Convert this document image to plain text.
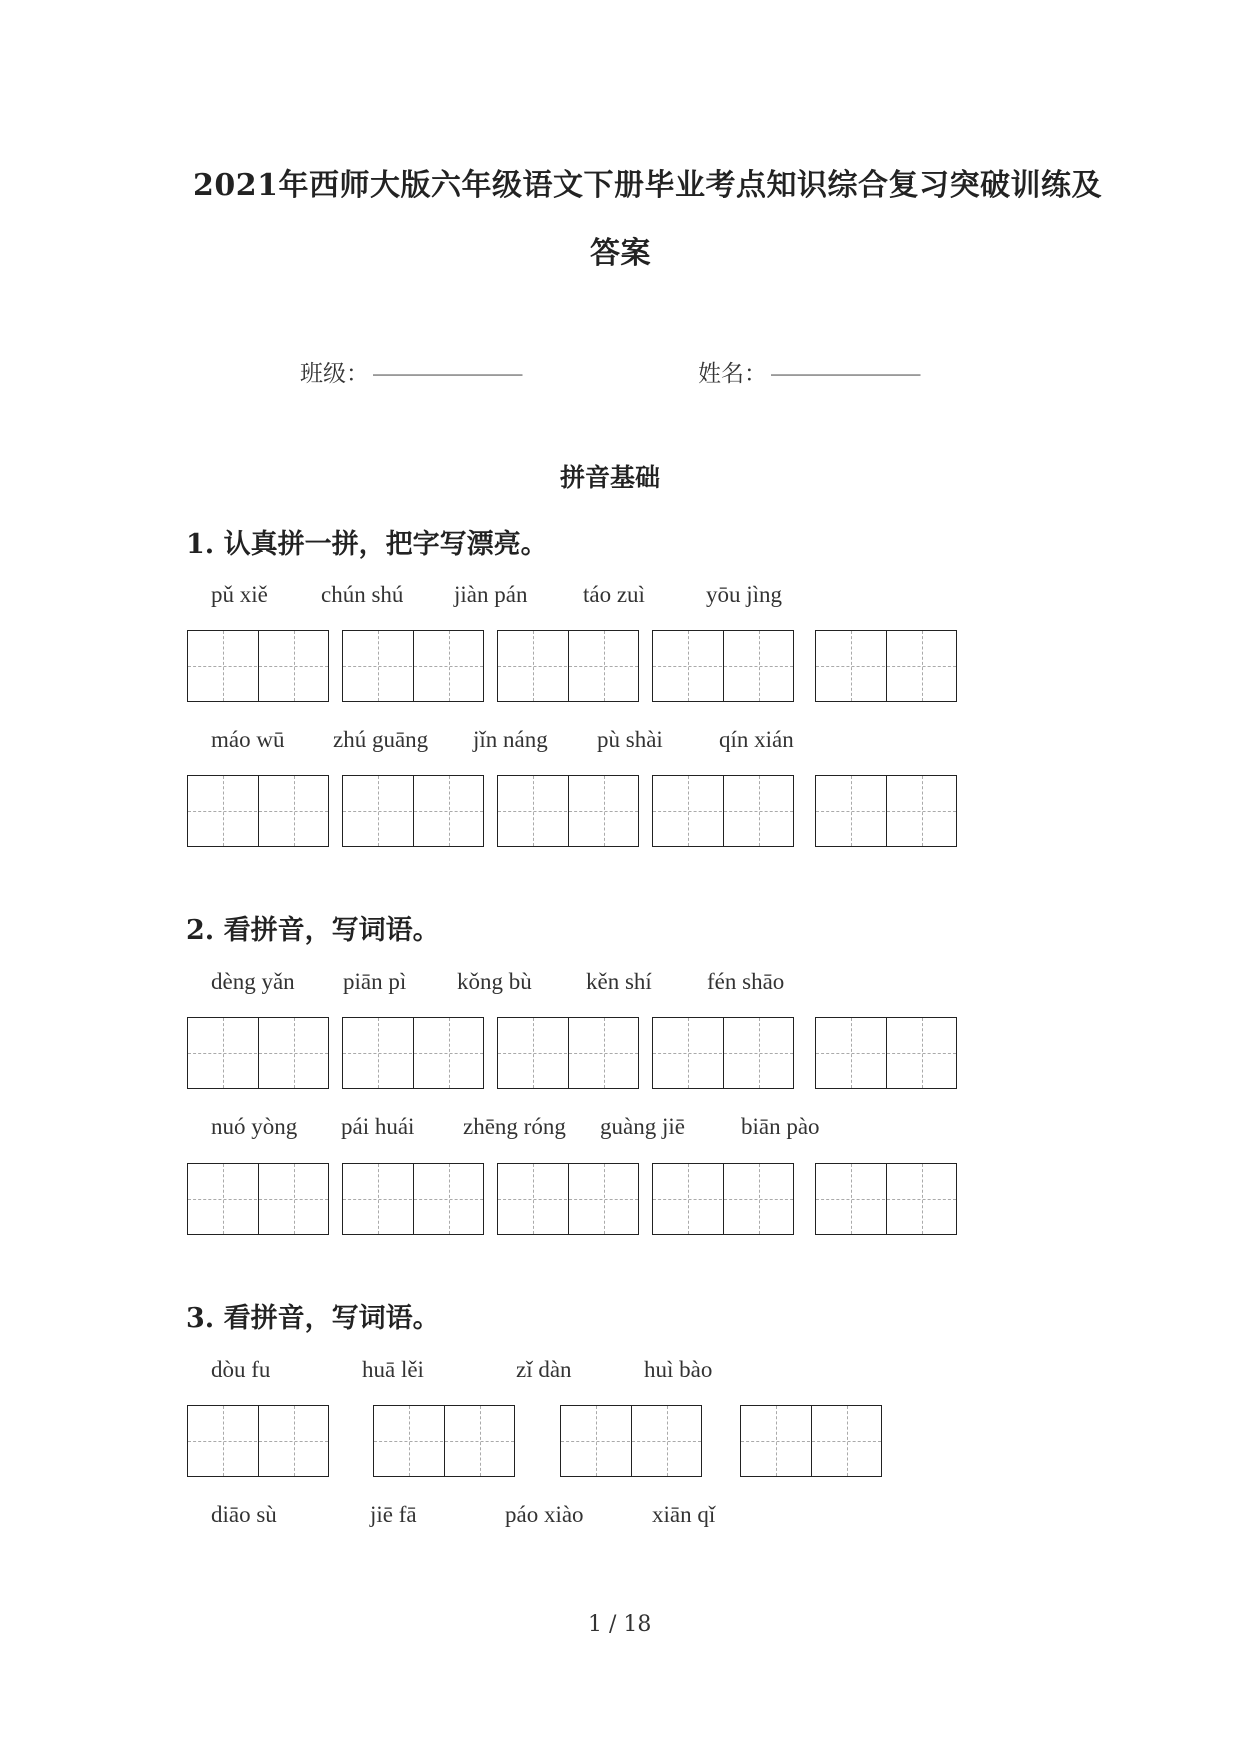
2021年西师大版六年级语文下册毕业考点知识综合复习突破训练及
答案
班级： _____________	姓名： _____________
拼音基础
1. 认真拼一拼，把字写漂亮。
pǔ xiě chún shú jiàn pán táo zuì	yōu jìng
máo wū zhú guāng jǐn náng pù shài qín xián
2. 看拼音，写词语。
dèng yǎn piān pì kǒng bù kěn shí fén shāo
nuó yòng pái huái zhēng róng guàng jiē biān pào
3. 看拼音，写词语。
dòu fu	huā lěi	zǐ dàn	huì bào
diāo sù	jiē fā	páo xiào	xiān qǐ
1 / 18
